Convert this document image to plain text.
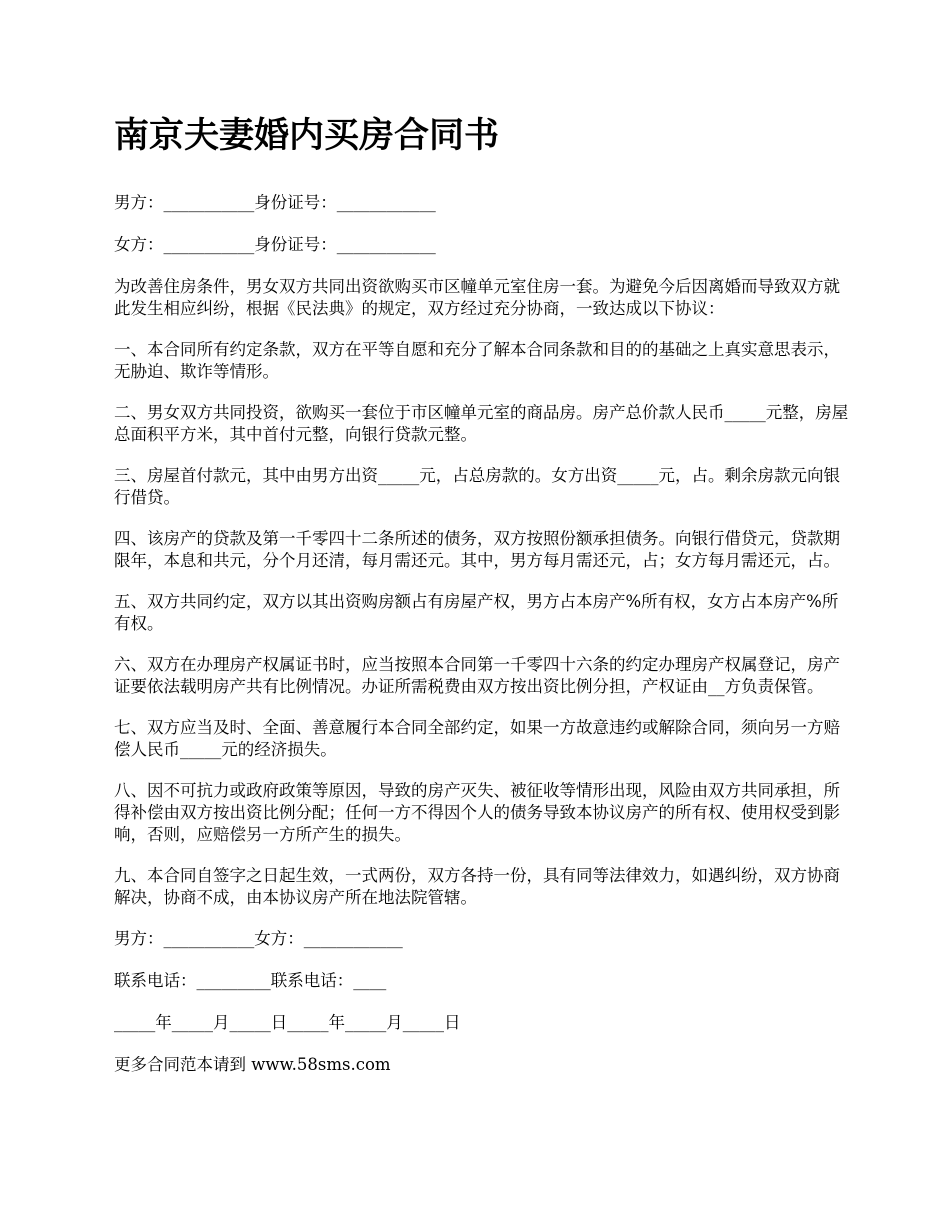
南京夫妻婚内买房合同书

男方：___________身份证号：____________

女方：___________身份证号：____________

为改善住房条件，男女双方共同出资欲购买市区幢单元室住房一套。为避免今后因离婚而导致双方就此发生相应纠纷，根据《民法典》的规定，双方经过充分协商，一致达成以下协议：

一、本合同所有约定条款，双方在平等自愿和充分了解本合同条款和目的的基础之上真实意思表示，无胁迫、欺诈等情形。

二、男女双方共同投资，欲购买一套位于市区幢单元室的商品房。房产总价款人民币_____元整，房屋总面积平方米，其中首付元整，向银行贷款元整。

三、房屋首付款元，其中由男方出资_____元，占总房款的。女方出资_____元，占。剩余房款元向银行借贷。

四、该房产的贷款及第一千零四十二条所述的债务，双方按照份额承担债务。向银行借贷元，贷款期限年，本息和共元，分个月还清，每月需还元。其中，男方每月需还元，占；女方每月需还元，占。

五、双方共同约定，双方以其出资购房额占有房屋产权，男方占本房产%所有权，女方占本房产%所有权。

六、双方在办理房产权属证书时，应当按照本合同第一千零四十六条的约定办理房产权属登记，房产证要依法载明房产共有比例情况。办证所需税费由双方按出资比例分担，产权证由__方负责保管。

七、双方应当及时、全面、善意履行本合同全部约定，如果一方故意违约或解除合同，须向另一方赔偿人民币_____元的经济损失。

八、因不可抗力或政府政策等原因，导致的房产灭失、被征收等情形出现，风险由双方共同承担，所得补偿由双方按出资比例分配；任何一方不得因个人的债务导致本协议房产的所有权、使用权受到影响，否则，应赔偿另一方所产生的损失。

九、本合同自签字之日起生效，一式两份，双方各持一份，具有同等法律效力，如遇纠纷，双方协商解决，协商不成，由本协议房产所在地法院管辖。

男方：___________女方：____________

联系电话：_________联系电话：____

_____年_____月_____日_____年_____月_____日

更多合同范本请到 www.58sms.com
